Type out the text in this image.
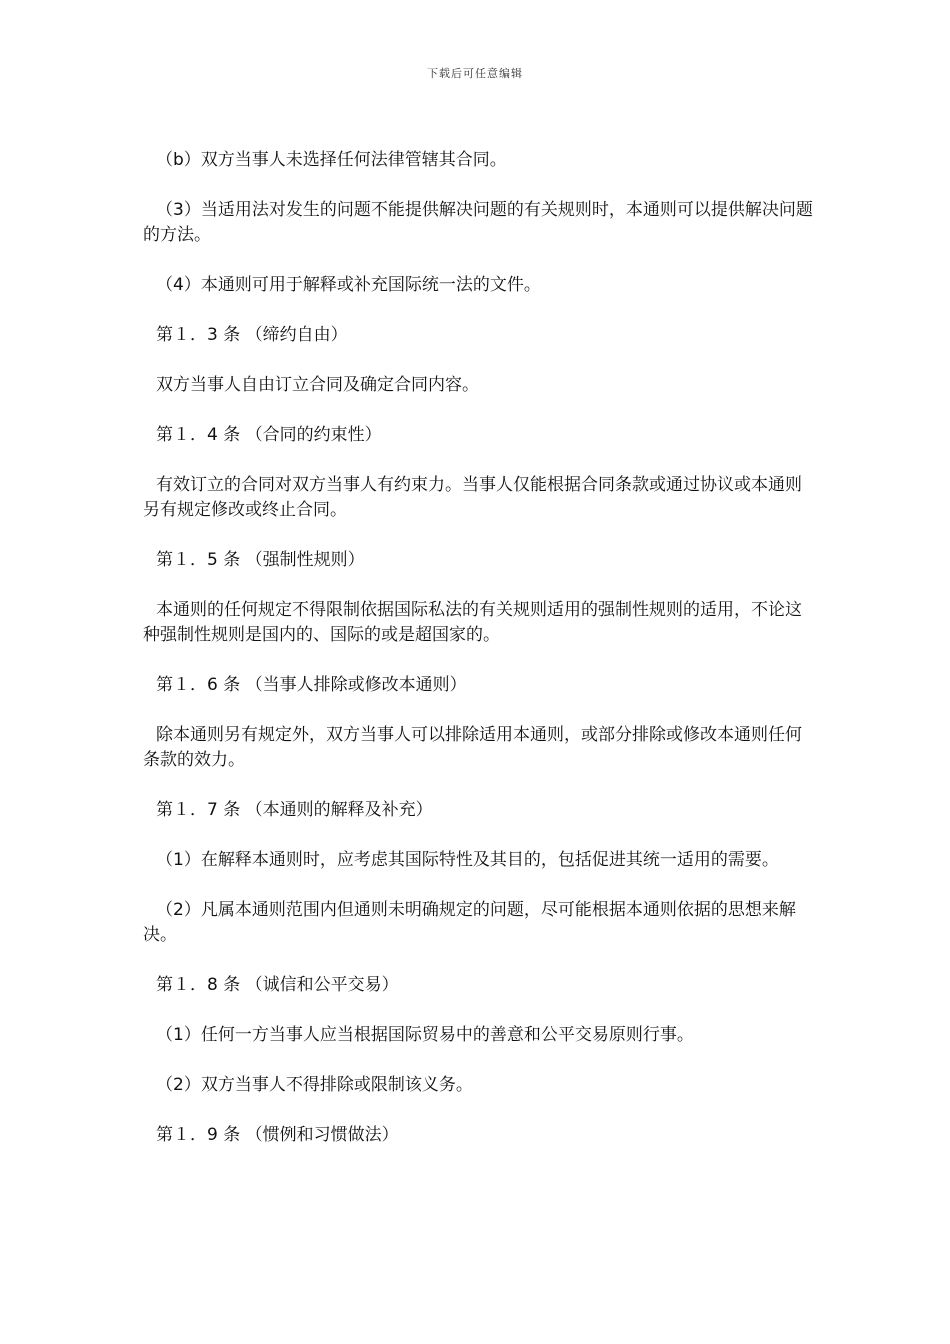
下载后可任意编辑

（b）双方当事人未选择任何法律管辖其合同。

（3）当适用法对发生的问题不能提供解决问题的有关规则时，本通则可以提供解决问题的方法。

（4）本通则可用于解释或补充国际统一法的文件。

第１．3 条 （缔约自由）

双方当事人自由订立合同及确定合同内容。

第１．4 条 （合同的约束性）

有效订立的合同对双方当事人有约束力。当事人仅能根据合同条款或通过协议或本通则另有规定修改或终止合同。

第１．5 条 （强制性规则）

本通则的任何规定不得限制依据国际私法的有关规则适用的强制性规则的适用，不论这种强制性规则是国内的、国际的或是超国家的。

第１．6 条 （当事人排除或修改本通则）

除本通则另有规定外，双方当事人可以排除适用本通则，或部分排除或修改本通则任何条款的效力。

第１．7 条 （本通则的解释及补充）

（1）在解释本通则时，应考虑其国际特性及其目的，包括促进其统一适用的需要。

（2）凡属本通则范围内但通则未明确规定的问题，尽可能根据本通则依据的思想来解决。

第１．8 条 （诚信和公平交易）

（1）任何一方当事人应当根据国际贸易中的善意和公平交易原则行事。

（2）双方当事人不得排除或限制该义务。

第１．9 条 （惯例和习惯做法）
